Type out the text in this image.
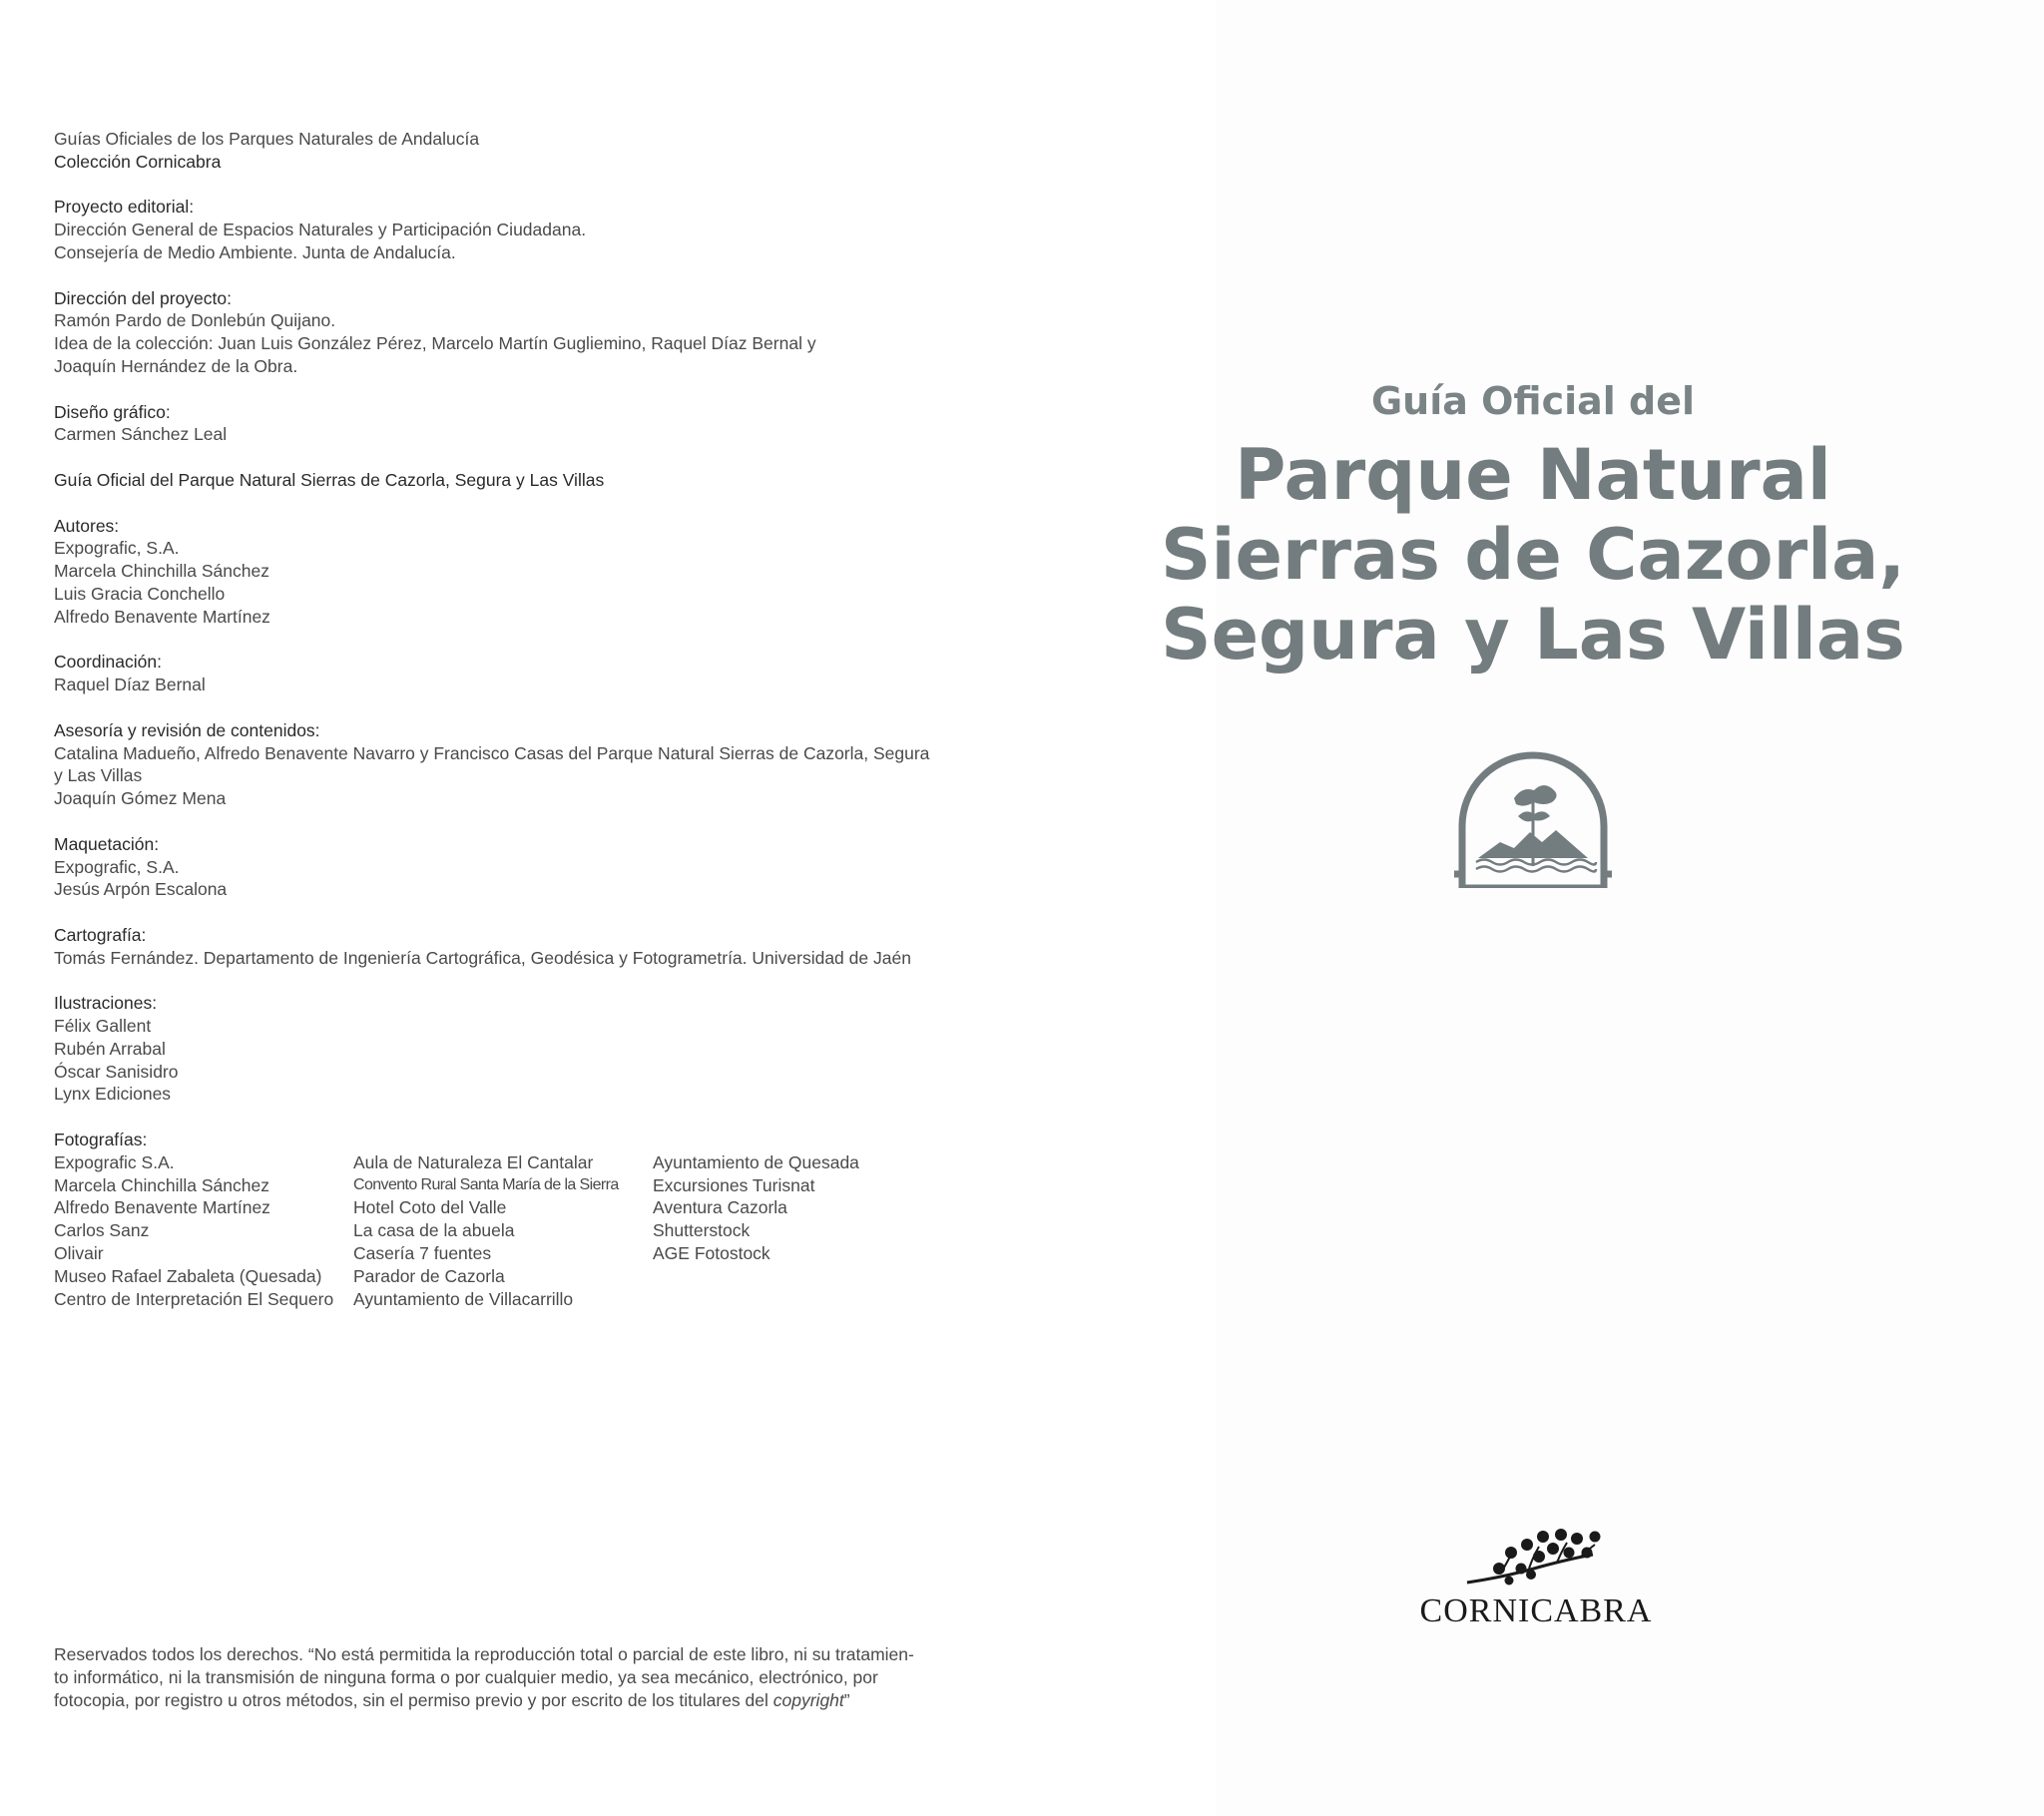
Guías Oficiales de los Parques Naturales de Andalucía
Colección Cornicabra
Proyecto editorial:
Dirección General de Espacios Naturales y Participación Ciudadana.
Consejería de Medio Ambiente. Junta de Andalucía.
Dirección del proyecto:
Ramón Pardo de Donlebún Quijano.
Idea de la colección: Juan Luis González Pérez, Marcelo Martín Gugliemino, Raquel Díaz Bernal y
Joaquín Hernández de la Obra.
Diseño gráfico:
Carmen Sánchez Leal
Guía Oficial del Parque Natural Sierras de Cazorla, Segura y Las Villas
Autores:
Expografic, S.A.
Marcela Chinchilla Sánchez
Luis Gracia Conchello
Alfredo Benavente Martínez
Coordinación:
Raquel Díaz Bernal
Asesoría y revisión de contenidos:
Catalina Madueño, Alfredo Benavente Navarro y Francisco Casas del Parque Natural Sierras de Cazorla, Segura
y Las Villas
Joaquín Gómez Mena
Maquetación:
Expografic, S.A.
Jesús Arpón Escalona
Cartografía:
Tomás Fernández. Departamento de Ingeniería Cartográfica, Geodésica y Fotogrametría. Universidad de Jaén
Ilustraciones:
Félix Gallent
Rubén Arrabal
Óscar Sanisidro
Lynx Ediciones
Fotografías:
Expografic S.A.
Marcela Chinchilla Sánchez
Alfredo Benavente Martínez
Carlos Sanz
Olivair
Museo Rafael Zabaleta (Quesada)
Centro de Interpretación El Sequero
Aula de Naturaleza El Cantalar
Convento Rural Santa María de la Sierra
Hotel Coto del Valle
La casa de la abuela
Casería 7 fuentes
Parador de Cazorla
Ayuntamiento de Villacarrillo
Ayuntamiento de Quesada
Excursiones Turisnat
Aventura Cazorla
Shutterstock
AGE Fotostock
Reservados todos los derechos. “No está permitida la reproducción total o parcial de este libro, ni su tratamien-
to informático, ni la transmisión de ninguna forma o por cualquier medio, ya sea mecánico, electrónico, por
fotocopia, por registro u otros métodos, sin el permiso previo y por escrito de los titulares del copyright”
Guía Oficial del
Parque Natural
Sierras de Cazorla,
Segura y Las Villas
CORNICABRA
